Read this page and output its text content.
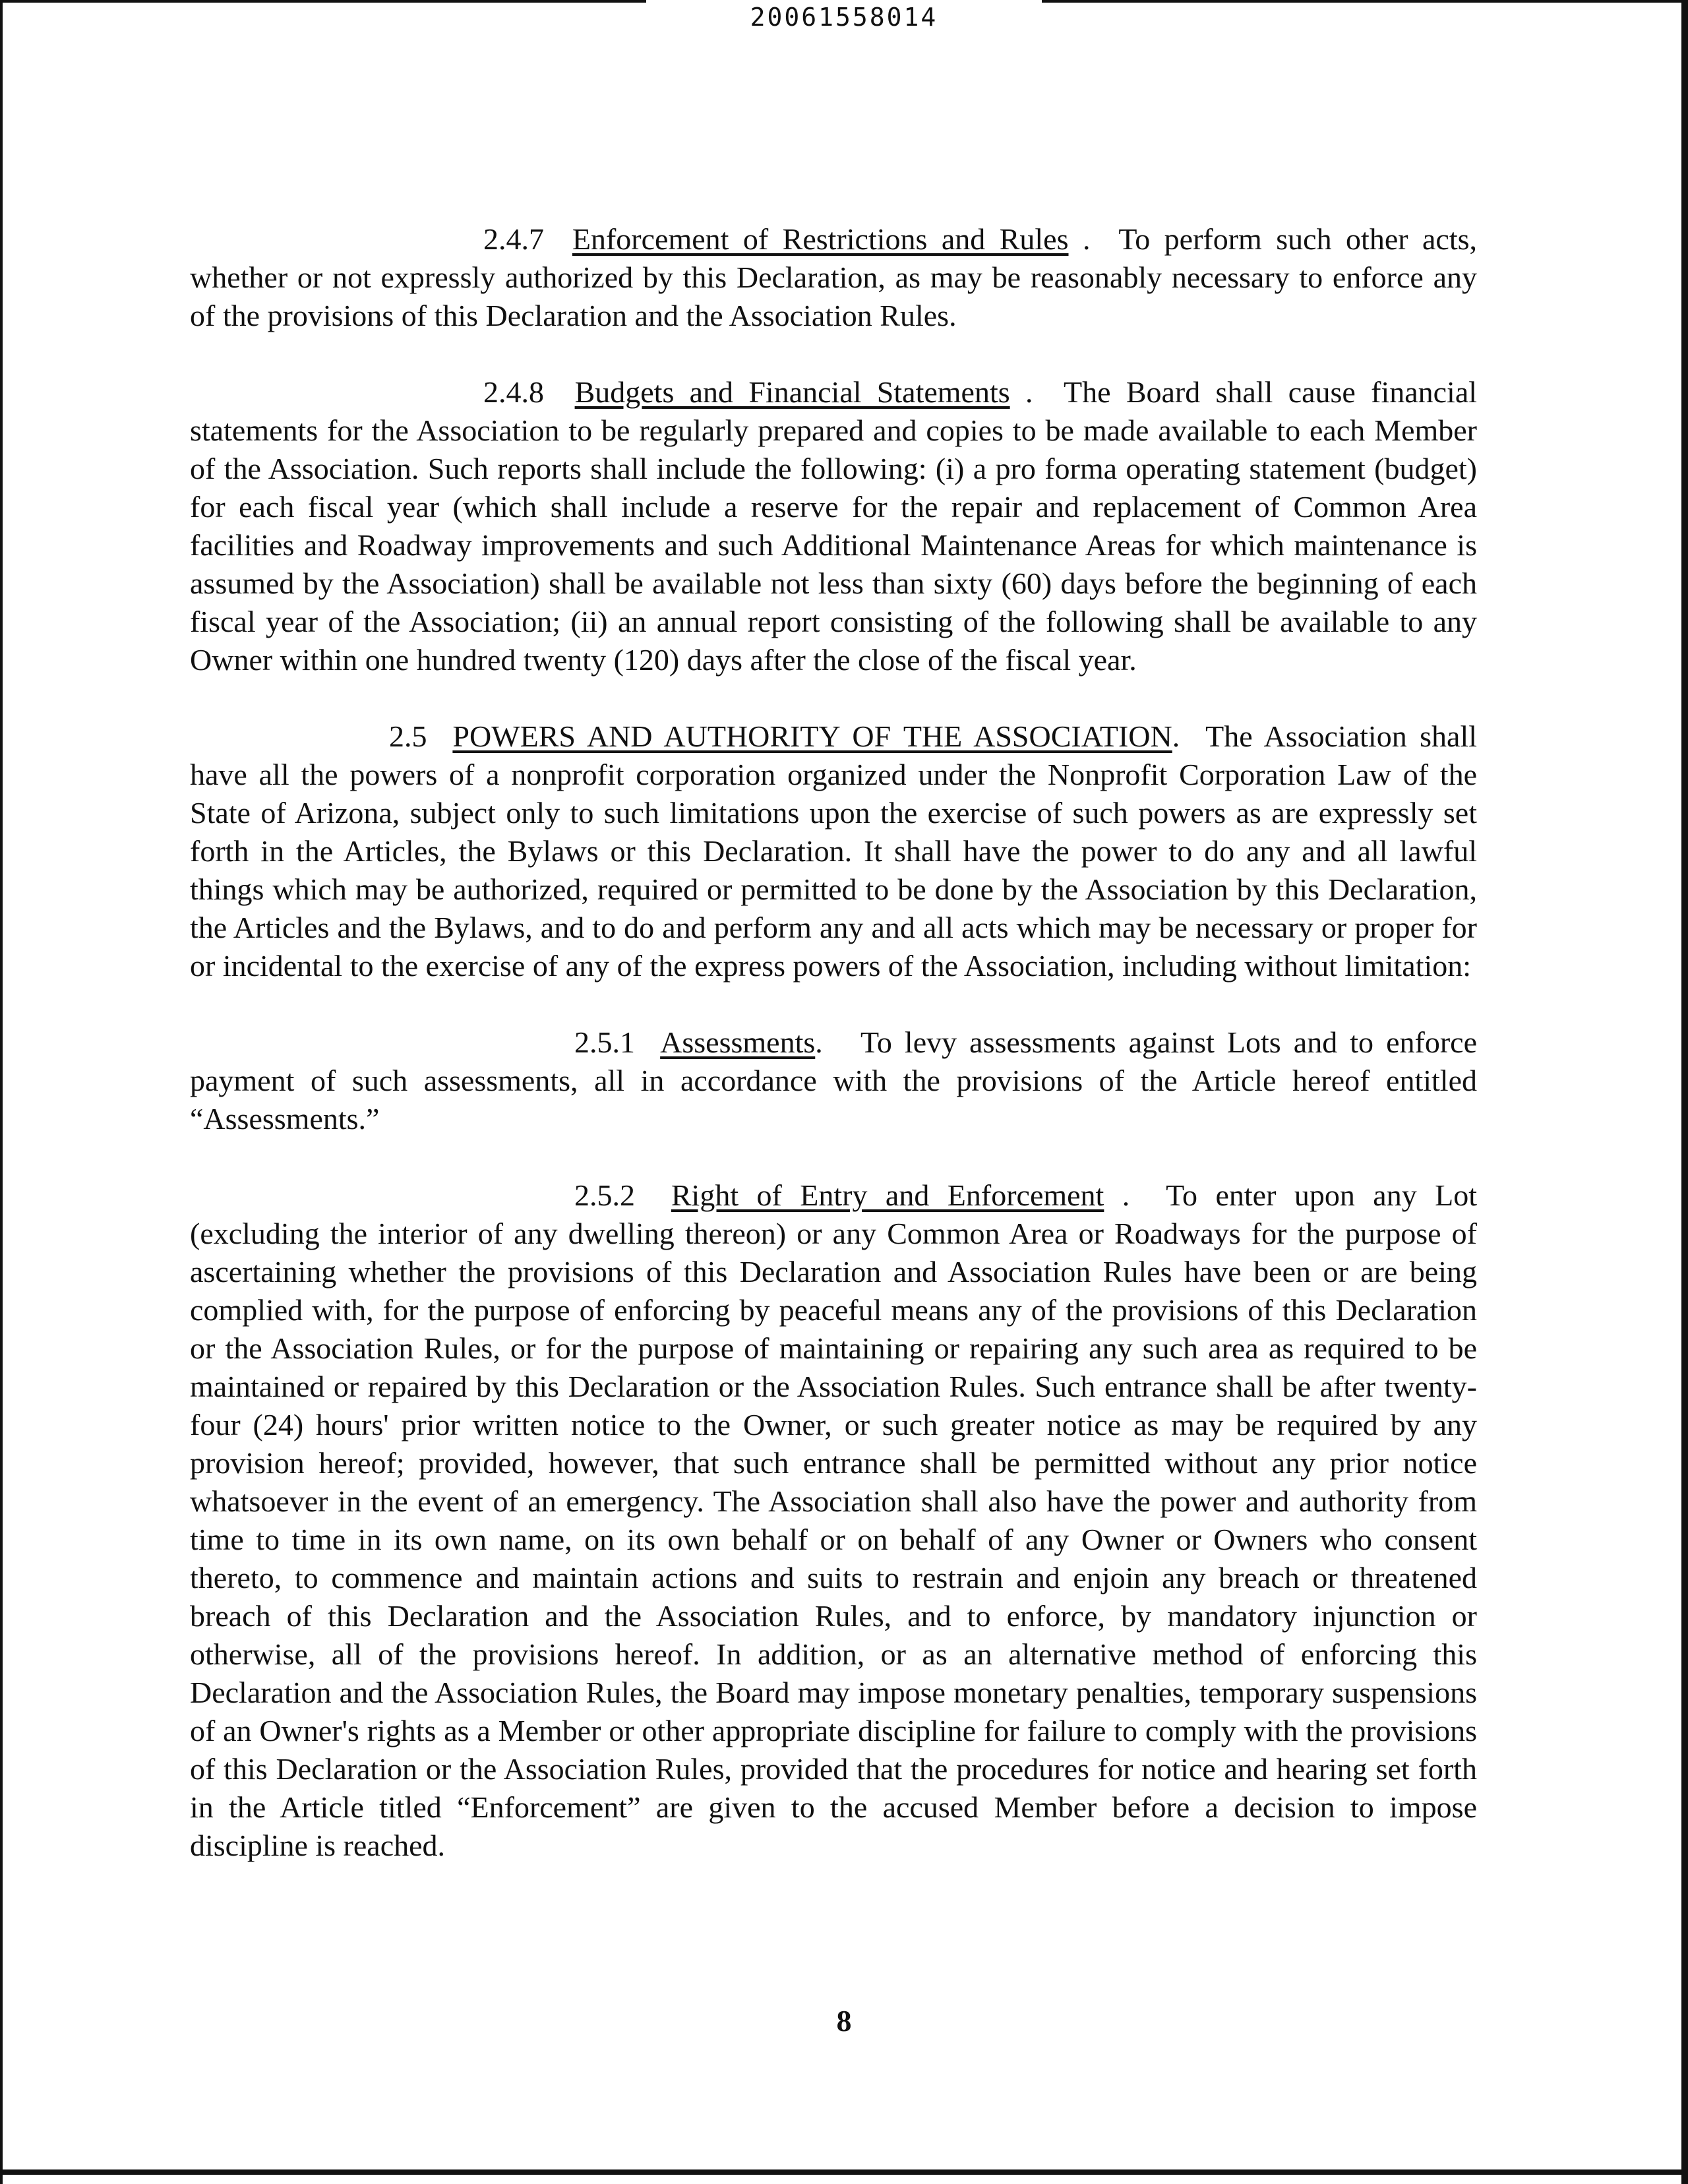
20061558014

2.4.7 Enforcement of Restrictions and Rules . To perform such other acts, whether or not expressly authorized by this Declaration, as may be reasonably necessary to enforce any of the provisions of this Declaration and the Association Rules.

2.4.8 Budgets and Financial Statements . The Board shall cause financial statements for the Association to be regularly prepared and copies to be made available to each Member of the Association. Such reports shall include the following: (i) a pro forma operating statement (budget) for each fiscal year (which shall include a reserve for the repair and replacement of Common Area facilities and Roadway improvements and such Additional Maintenance Areas for which maintenance is assumed by the Association) shall be available not less than sixty (60) days before the beginning of each fiscal year of the Association; (ii) an annual report consisting of the following shall be available to any Owner within one hundred twenty (120) days after the close of the fiscal year.

2.5 POWERS AND AUTHORITY OF THE ASSOCIATION. The Association shall have all the powers of a nonprofit corporation organized under the Nonprofit Corporation Law of the State of Arizona, subject only to such limitations upon the exercise of such powers as are expressly set forth in the Articles, the Bylaws or this Declaration. It shall have the power to do any and all lawful things which may be authorized, required or permitted to be done by the Association by this Declaration, the Articles and the Bylaws, and to do and perform any and all acts which may be necessary or proper for or incidental to the exercise of any of the express powers of the Association, including without limitation:

2.5.1 Assessments. To levy assessments against Lots and to enforce payment of such assessments, all in accordance with the provisions of the Article hereof entitled “Assessments.”

2.5.2 Right of Entry and Enforcement . To enter upon any Lot (excluding the interior of any dwelling thereon) or any Common Area or Roadways for the purpose of ascertaining whether the provisions of this Declaration and Association Rules have been or are being complied with, for the purpose of enforcing by peaceful means any of the provisions of this Declaration or the Association Rules, or for the purpose of maintaining or repairing any such area as required to be maintained or repaired by this Declaration or the Association Rules. Such entrance shall be after twenty-four (24) hours' prior written notice to the Owner, or such greater notice as may be required by any provision hereof; provided, however, that such entrance shall be permitted without any prior notice whatsoever in the event of an emergency. The Association shall also have the power and authority from time to time in its own name, on its own behalf or on behalf of any Owner or Owners who consent thereto, to commence and maintain actions and suits to restrain and enjoin any breach or threatened breach of this Declaration and the Association Rules, and to enforce, by mandatory injunction or otherwise, all of the provisions hereof. In addition, or as an alternative method of enforcing this Declaration and the Association Rules, the Board may impose monetary penalties, temporary suspensions of an Owner's rights as a Member or other appropriate discipline for failure to comply with the provisions of this Declaration or the Association Rules, provided that the procedures for notice and hearing set forth in the Article titled “Enforcement” are given to the accused Member before a decision to impose discipline is reached.

8
